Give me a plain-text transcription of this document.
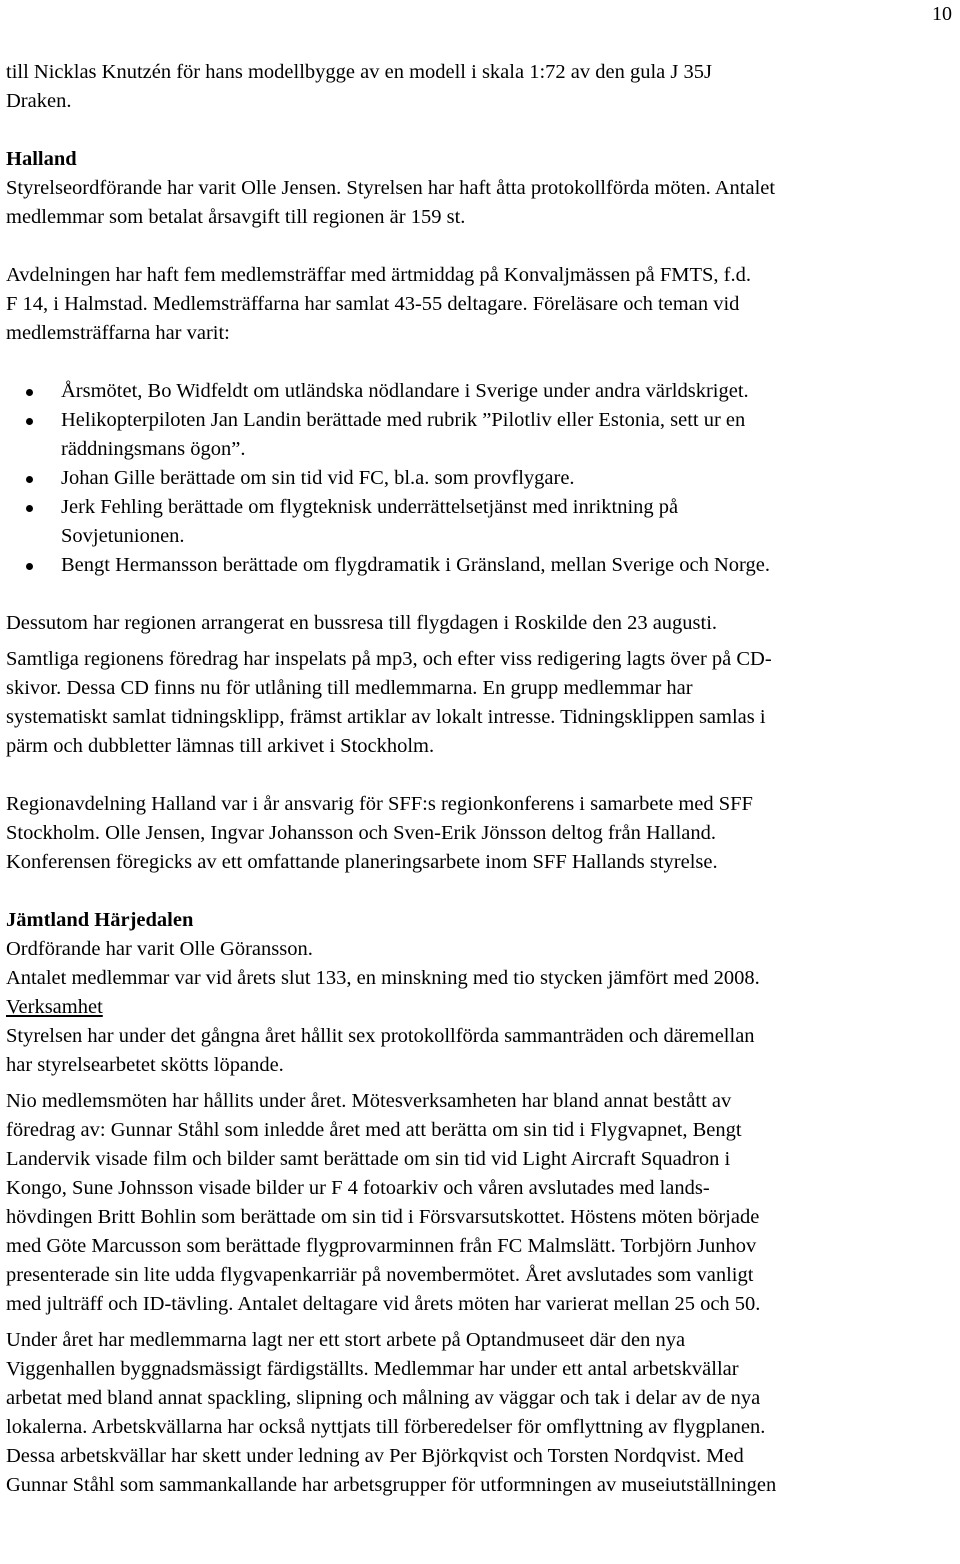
10
till Nicklas Knutzén för hans modellbygge av en modell i skala 1:72 av den gula J 35J
Draken.
Halland
Styrelseordförande har varit Olle Jensen. Styrelsen har haft åtta protokollförda möten. Antalet
medlemmar som betalat årsavgift till regionen är 159 st.
Avdelningen har haft fem medlemsträffar med ärtmiddag på Konvaljmässen på FMTS, f.d.
F 14, i Halmstad. Medlemsträffarna har samlat 43-55 deltagare. Föreläsare och teman vid
medlemsträffarna har varit:
Årsmötet, Bo Widfeldt om utländska nödlandare i Sverige under andra världskriget.
Helikopterpiloten Jan Landin berättade med rubrik ”Pilotliv eller Estonia, sett ur en
räddningsmans ögon”.
Johan Gille berättade om sin tid vid FC, bl.a. som provflygare.
Jerk Fehling berättade om flygteknisk underrättelsetjänst med inriktning på
Sovjetunionen.
Bengt Hermansson berättade om flygdramatik i Gränsland, mellan Sverige och Norge.
Dessutom har regionen arrangerat en bussresa till flygdagen i Roskilde den 23 augusti.
Samtliga regionens föredrag har inspelats på mp3, och efter viss redigering lagts över på CD-
skivor. Dessa CD finns nu för utlåning till medlemmarna. En grupp medlemmar har
systematiskt samlat tidningsklipp, främst artiklar av lokalt intresse. Tidningsklippen samlas i
pärm och dubbletter lämnas till arkivet i Stockholm.
Regionavdelning Halland var i år ansvarig för SFF:s regionkonferens i samarbete med SFF
Stockholm. Olle Jensen, Ingvar Johansson och Sven-Erik Jönsson deltog från Halland.
Konferensen föregicks av ett omfattande planeringsarbete inom SFF Hallands styrelse.
Jämtland Härjedalen
Ordförande har varit Olle Göransson.
Antalet medlemmar var vid årets slut 133, en minskning med tio stycken jämfört med 2008.
Verksamhet
Styrelsen har under det gångna året hållit sex protokollförda sammanträden och däremellan
har styrelsearbetet skötts löpande.
Nio medlemsmöten har hållits under året. Mötesverksamheten har bland annat bestått av
föredrag av: Gunnar Ståhl som inledde året med att berätta om sin tid i Flygvapnet, Bengt
Landervik visade film och bilder samt berättade om sin tid vid Light Aircraft Squadron i
Kongo, Sune Johnsson visade bilder ur F 4 fotoarkiv och våren avslutades med lands-
hövdingen Britt Bohlin som berättade om sin tid i Försvarsutskottet. Höstens möten började
med Göte Marcusson som berättade flygprovarminnen från FC Malmslätt. Torbjörn Junhov
presenterade sin lite udda flygvapenkarriär på novembermötet. Året avslutades som vanligt
med julträff och ID-tävling. Antalet deltagare vid årets möten har varierat mellan 25 och 50.
Under året har medlemmarna lagt ner ett stort arbete på Optandmuseet där den nya
Viggenhallen byggnadsmässigt färdigställts. Medlemmar har under ett antal arbetskvällar
arbetat med bland annat spackling, slipning och målning av väggar och tak i delar av de nya
lokalerna. Arbetskvällarna har också nyttjats till förberedelser för omflyttning av flygplanen.
Dessa arbetskvällar har skett under ledning av Per Björkqvist och Torsten Nordqvist. Med
Gunnar Ståhl som sammankallande har arbetsgrupper för utformningen av museiutställningen
